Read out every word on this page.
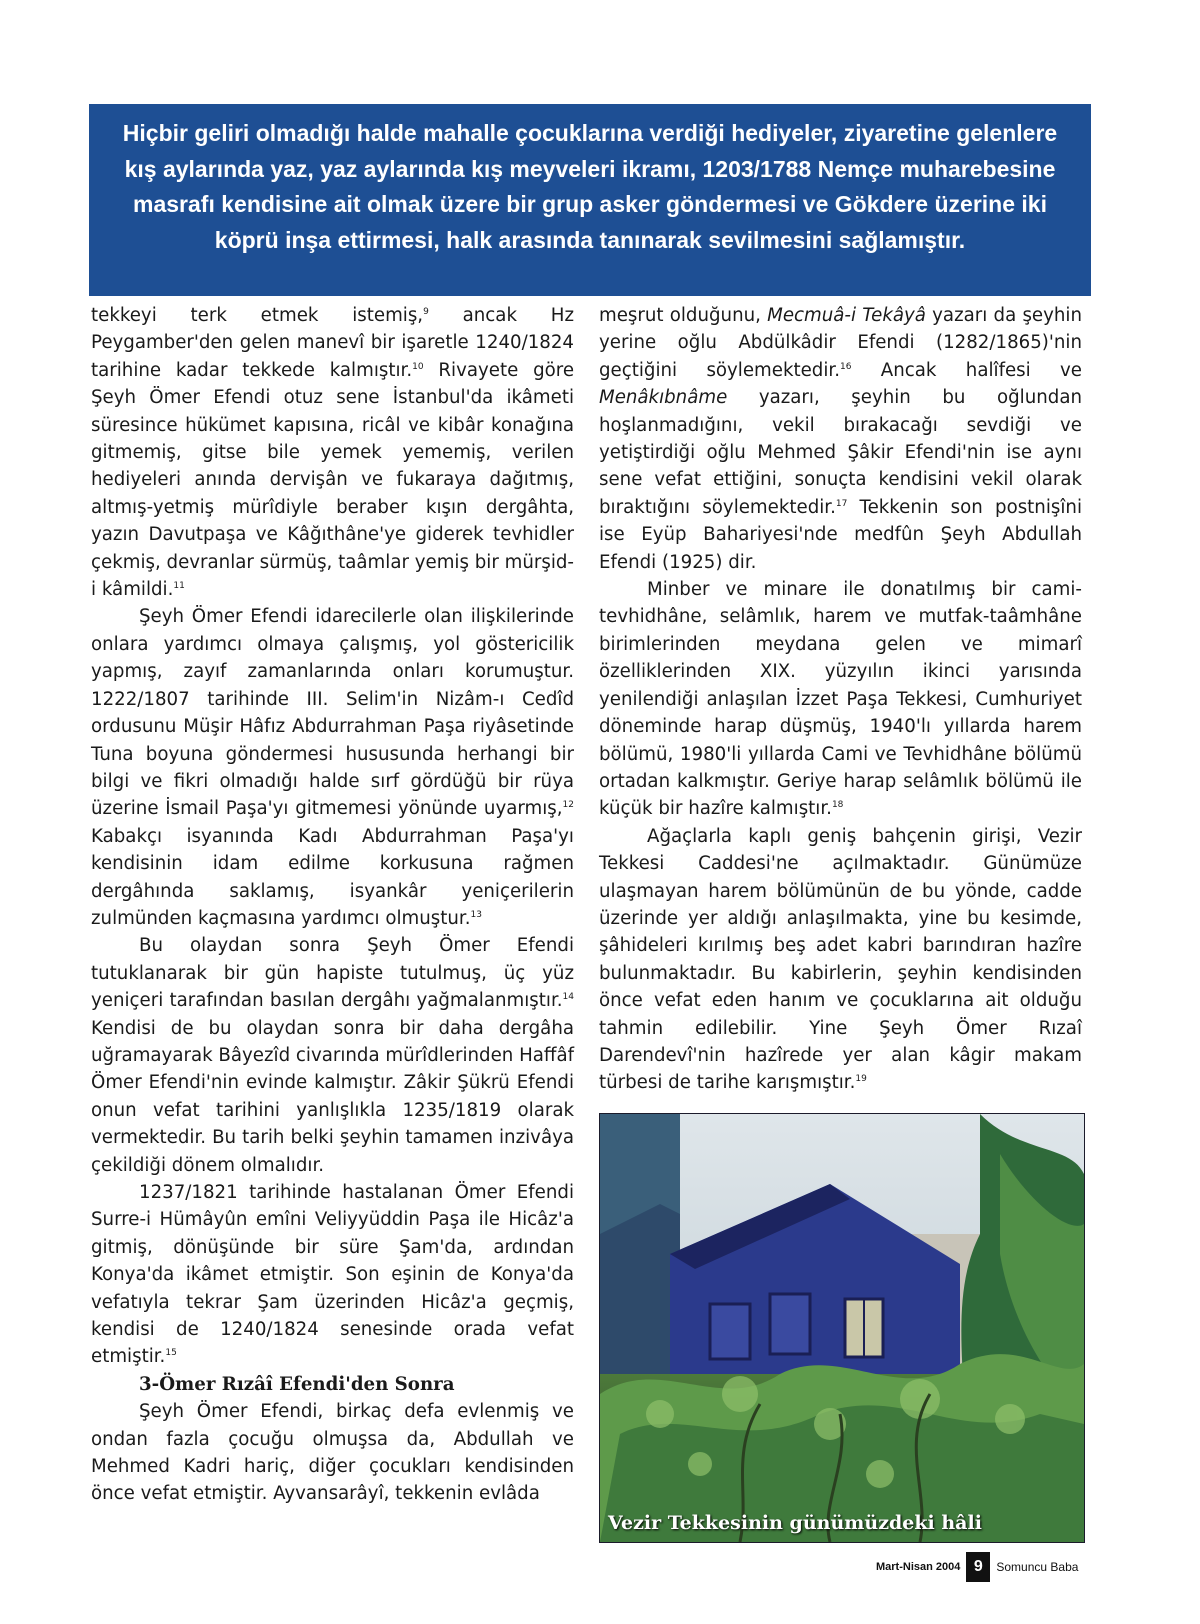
Hiçbir geliri olmadığı halde mahalle çocuklarına verdiği hediyeler, ziyaretine gelenlere kış aylarında yaz, yaz aylarında kış meyveleri ikramı, 1203/1788 Nemçe muharebesine masrafı kendisine ait olmak üzere bir grup asker göndermesi ve Gökdere üzerine iki köprü inşa ettirmesi, halk arasında tanınarak sevilmesini sağlamıştır.

tekkeyi terk etmek istemiş,$^9$ ancak Hz Peygamber'den gelen manevî bir işaretle 1240/1824 tarihine kadar tekkede kalmıştır.$^{10}$ Rivayete göre Şeyh Ömer Efendi otuz sene İstanbul'da ikâmeti süresince hükümet kapısına, ricâl ve kibâr konağına gitmemiş, gitse bile yemek yememiş, verilen hediyeleri anında dervişân ve fukaraya dağıtmış, altmış-yetmiş mürîdiyle beraber kışın dergâhta, yazın Davutpaşa ve Kâğıthâne'ye giderek tevhidler çekmiş, devranlar sürmüş, taâmlar yemiş bir mürşid-i kâmildi.$^{11}$

Şeyh Ömer Efendi idarecilerle olan ilişkilerinde onlara yardımcı olmaya çalışmış, yol göstericilik yapmış, zayıf zamanlarında onları korumuştur. 1222/1807 tarihinde III. Selim'in Nizâm-ı Cedîd ordusunu Müşir Hâfız Abdurrahman Paşa riyâsetinde Tuna boyuna göndermesi hususunda herhangi bir bilgi ve fikri olmadığı halde sırf gördüğü bir rüya üzerine İsmail Paşa'yı gitmemesi yönünde uyarmış,$^{12}$ Kabakçı isyanında Kadı Abdurrahman Paşa'yı kendisinin idam edilme korkusuna rağmen dergâhında saklamış, isyankâr yeniçerilerin zulmünden kaçmasına yardımcı olmuştur.$^{13}$

Bu olaydan sonra Şeyh Ömer Efendi tutuklanarak bir gün hapiste tutulmuş, üç yüz yeniçeri tarafından basılan dergâhı yağmalanmıştır.$^{14}$ Kendisi de bu olaydan sonra bir daha dergâha uğramayarak Bâyezîd civarında mürîdlerinden Haffâf Ömer Efendi'nin evinde kalmıştır. Zâkir Şükrü Efendi onun vefat tarihini yanlışlıkla 1235/1819 olarak vermektedir. Bu tarih belki şeyhin tamamen inzivâya çekildiği dönem olmalıdır.

1237/1821 tarihinde hastalanan Ömer Efendi Surre-i Hümâyûn emîni Veliyyüddin Paşa ile Hicâz'a gitmiş, dönüşünde bir süre Şam'da, ardından Konya'da ikâmet etmiştir. Son eşinin de Konya'da vefatıyla tekrar Şam üzerinden Hicâz'a geçmiş, kendisi de 1240/1824 senesinde orada vefat etmiştir.$^{15}$

3-Ömer Rızâî Efendi'den Sonra

Şeyh Ömer Efendi, birkaç defa evlenmiş ve ondan fazla çocuğu olmuşsa da, Abdullah ve Mehmed Kadri hariç, diğer çocukları kendisinden önce vefat etmiştir. Ayvansarâyî, tekkenin evlâda

meşrut olduğunu, Mecmuâ-i Tekâyâ yazarı da şeyhin yerine oğlu Abdülkâdir Efendi (1282/1865)'nin geçtiğini söylemektedir.$^{16}$ Ancak halîfesi ve Menâkıbnâme yazarı, şeyhin bu oğlundan hoşlanmadığını, vekil bırakacağı sevdiği ve yetiştirdiği oğlu Mehmed Şâkir Efendi'nin ise aynı sene vefat ettiğini, sonuçta kendisini vekil olarak bıraktığını söylemektedir.$^{17}$ Tekkenin son postnişîni ise Eyüp Bahariyesi'nde medfûn Şeyh Abdullah Efendi (1925) dir.

Minber ve minare ile donatılmış bir cami-tevhidhâne, selâmlık, harem ve mutfak-taâmhâne birimlerinden meydana gelen ve mimarî özelliklerinden XIX. yüzyılın ikinci yarısında yenilendiği anlaşılan İzzet Paşa Tekkesi, Cumhuriyet döneminde harap düşmüş, 1940'lı yıllarda harem bölümü, 1980'li yıllarda Cami ve Tevhidhâne bölümü ortadan kalkmıştır. Geriye harap selâmlık bölümü ile küçük bir hazîre kalmıştır.$^{18}$

Ağaçlarla kaplı geniş bahçenin girişi, Vezir Tekkesi Caddesi'ne açılmaktadır. Günümüze ulaşmayan harem bölümünün de bu yönde, cadde üzerinde yer aldığı anlaşılmakta, yine bu kesimde, şâhideleri kırılmış beş adet kabri barındıran hazîre bulunmaktadır. Bu kabirlerin, şeyhin kendisinden önce vefat eden hanım ve çocuklarına ait olduğu tahmin edilebilir. Yine Şeyh Ömer Rızaî Darendevî'nin hazîrede yer alan kâgir makam türbesi de tarihe karışmıştır.$^{19}$

Vezir Tekkesinin günümüzdeki hâli
Mart-Nisan 2004 9	Somuncu Baba
